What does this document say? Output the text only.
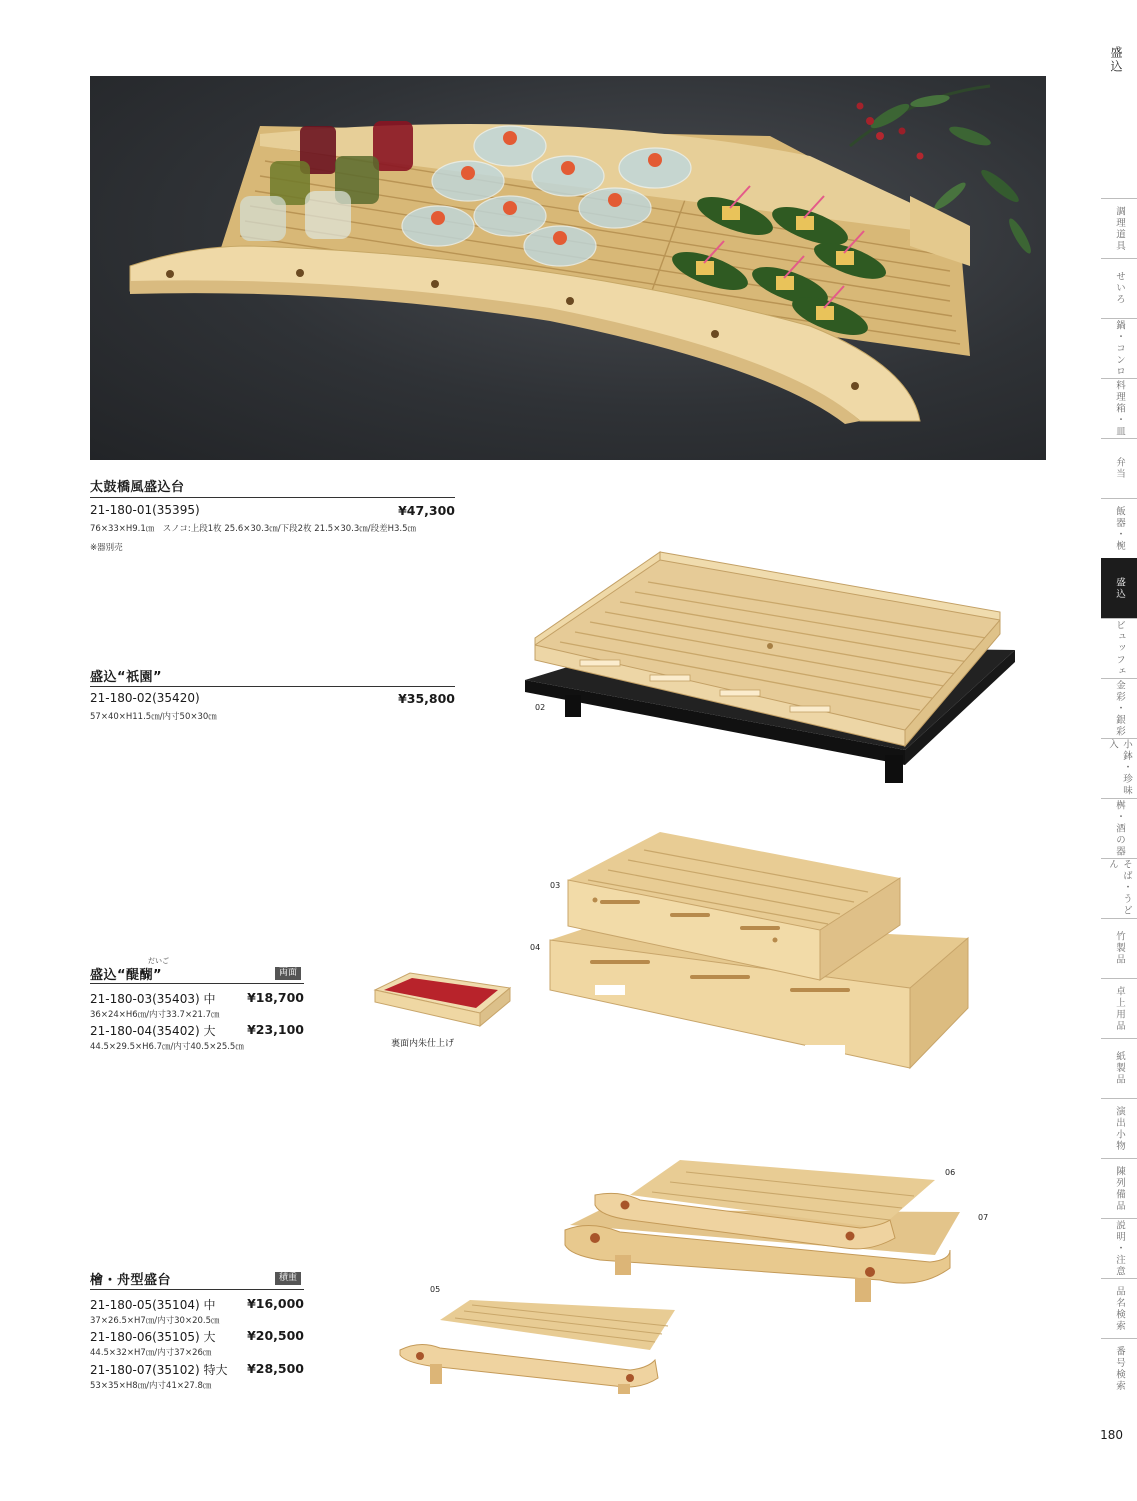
太鼓橋風盛込台
21-180-01(35395)	¥47,300
76×33×H9.1㎝　スノコ:上段1枚 25.6×30.3㎝/下段2枚 21.5×30.3㎝/段差H3.5㎝
※器別売
盛込“祇園”
21-180-02(35420)	¥35,800
57×40×H11.5㎝/内寸50×30㎝
02
だいご
盛込“醍醐”	両面
21-180-03(35403) 中	¥18,700
36×24×H6㎝/内寸33.7×21.7㎝
21-180-04(35402) 大	¥23,100
44.5×29.5×H6.7㎝/内寸40.5×25.5㎝	裏面内朱仕上げ
03
04
檜・舟型盛台	積重
21-180-05(35104) 中	¥16,000
37×26.5×H7㎝/内寸30×20.5㎝
21-180-06(35105) 大	¥20,500
44.5×32×H7㎝/内寸37×26㎝
21-180-07(35102) 特大	¥28,500
53×35×H8㎝/内寸41×27.8㎝
05
06
07
盛込
調理道具
せいろ
鍋・コンロ
料理箱・皿
弁当
飯器・椀
盛込
ビュッフェ
金彩・銀彩
小鉢・珍味入
桝・酒の器
そば・うどん
竹製品
卓上用品
紙製品
演出小物
陳列備品
説明・注意
品名検索
番号検索
180
